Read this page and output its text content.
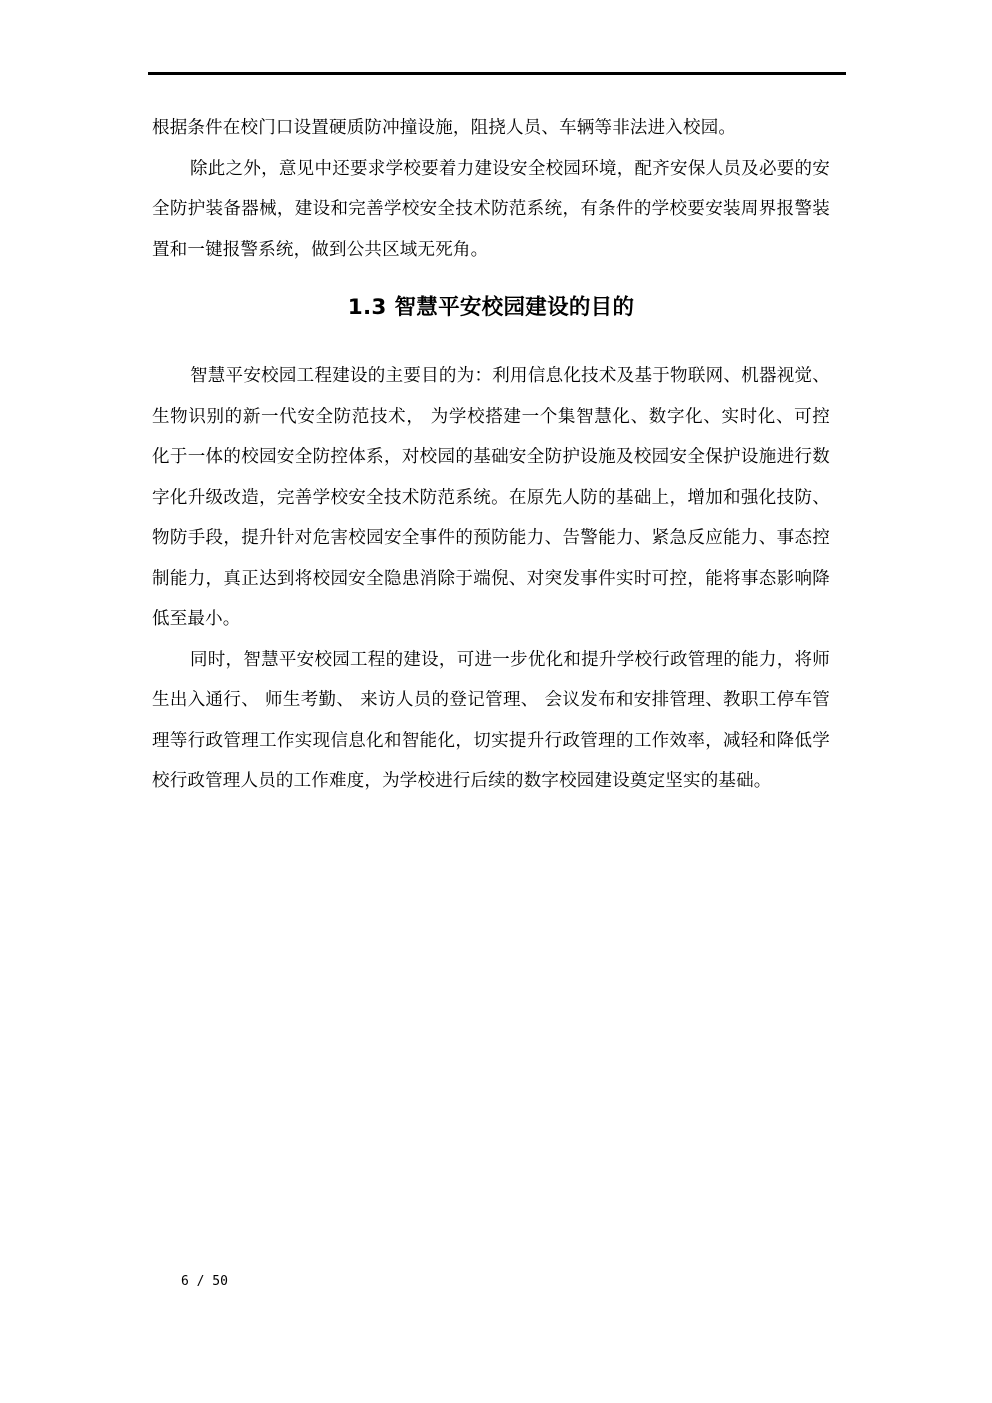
根据条件在校门口设置硬质防冲撞设施，阻挠人员、车辆等非法进入校园。

除此之外，意见中还要求学校要着力建设安全校园环境，配齐安保人员及必要的安全防护装备器械，建设和完善学校安全技术防范系统，有条件的学校要安装周界报警装置和一键报警系统，做到公共区域无死角。

1.3 智慧平安校园建设的目的

智慧平安校园工程建设的主要目的为：利用信息化技术及基于物联网、机器视觉、生物识别的新一代安全防范技术， 为学校搭建一个集智慧化、数字化、实时化、可控化于一体的校园安全防控体系，对校园的基础安全防护设施及校园安全保护设施进行数字化升级改造，完善学校安全技术防范系统。在原先人防的基础上，增加和强化技防、物防手段，提升针对危害校园安全事件的预防能力、告警能力、紧急反应能力、事态控制能力，真正达到将校园安全隐患消除于端倪、对突发事件实时可控，能将事态影响降低至最小。

同时，智慧平安校园工程的建设，可进一步优化和提升学校行政管理的能力，将师生出入通行、 师生考勤、 来访人员的登记管理、 会议发布和安排管理、教职工停车管理等行政管理工作实现信息化和智能化，切实提升行政管理的工作效率，减轻和降低学校行政管理人员的工作难度，为学校进行后续的数字校园建设奠定坚实的基础。

6 / 50
